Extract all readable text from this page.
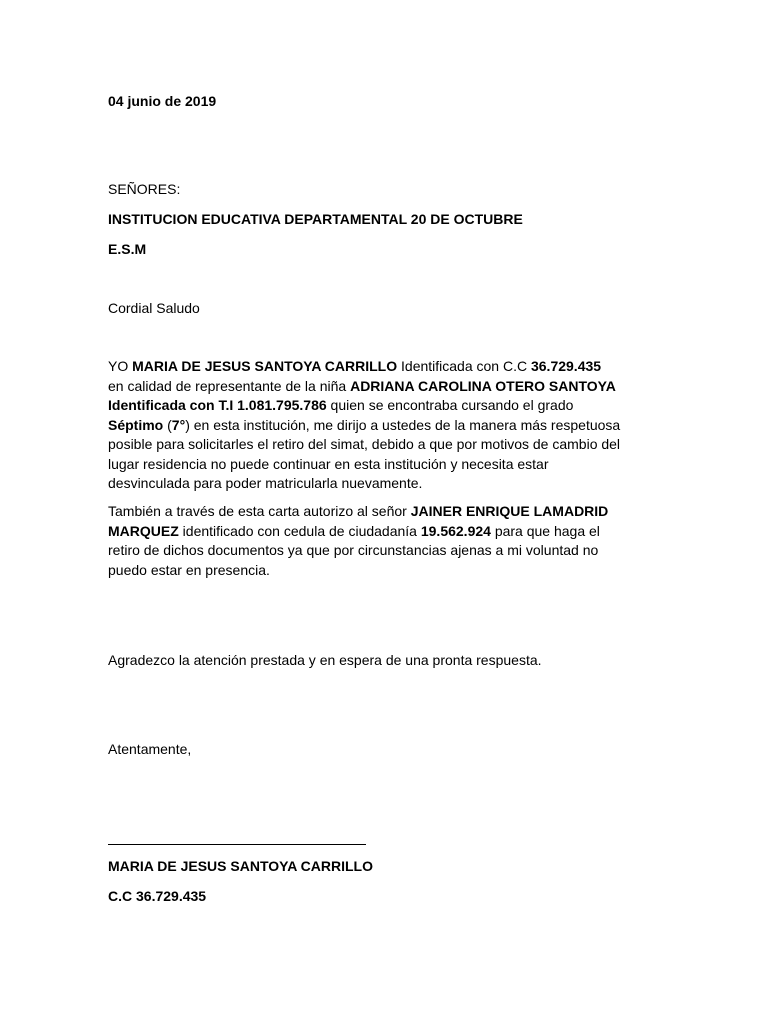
04 junio de 2019
SEÑORES:
INSTITUCION EDUCATIVA DEPARTAMENTAL 20 DE OCTUBRE
E.S.M
Cordial Saludo
YO MARIA DE JESUS SANTOYA CARRILLO Identificada con C.C 36.729.435
en calidad de representante de la niña ADRIANA CAROLINA OTERO SANTOYA
Identificada con T.I 1.081.795.786 quien se encontraba cursando el grado
Séptimo (7°) en esta institución, me dirijo a ustedes de la manera más respetuosa
posible para solicitarles el retiro del simat, debido a que por motivos de cambio del
lugar residencia no puede continuar en esta institución y necesita estar
desvinculada para poder matricularla nuevamente.
También a través de esta carta autorizo al señor JAINER ENRIQUE LAMADRID
MARQUEZ identificado con cedula de ciudadanía 19.562.924 para que haga el
retiro de dichos documentos ya que por circunstancias ajenas a mi voluntad no
puedo estar en presencia.
Agradezco la atención prestada y en espera de una pronta respuesta.
Atentamente,
MARIA DE JESUS SANTOYA CARRILLO
C.C 36.729.435
